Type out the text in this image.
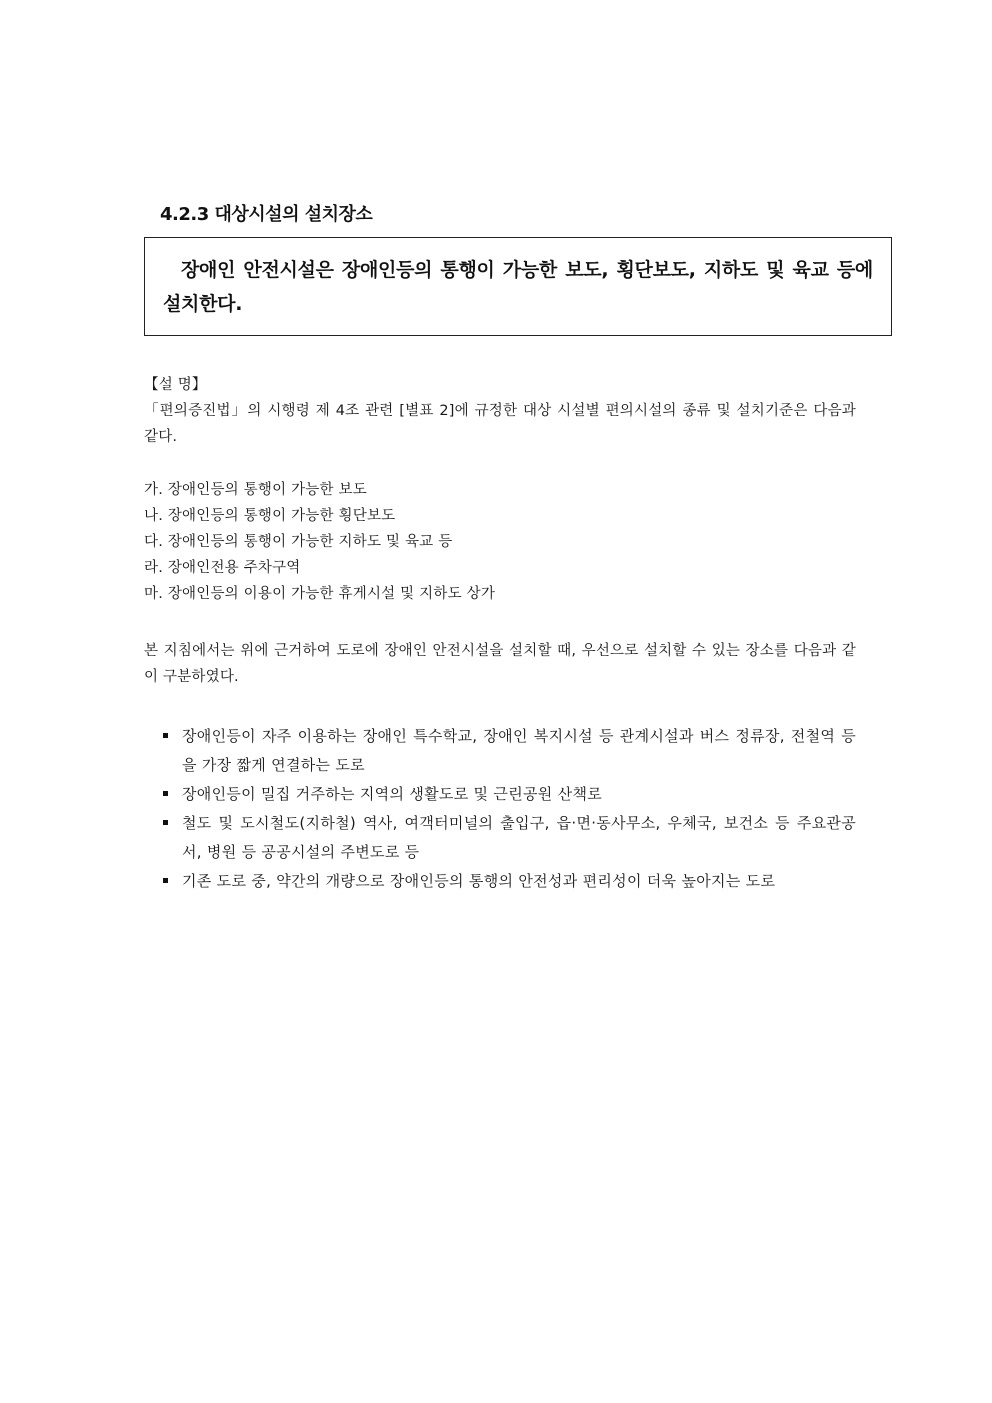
4.2.3 대상시설의 설치장소

장애인 안전시설은 장애인등의 통행이 가능한 보도, 횡단보도, 지하도 및 육교 등에 설치한다.

【설 명】

「편의증진법」의 시행령 제 4조 관련 [별표 2]에 규정한 대상 시설별 편의시설의 종류 및 설치기준은 다음과 같다.

가. 장애인등의 통행이 가능한 보도
나. 장애인등의 통행이 가능한 횡단보도
다. 장애인등의 통행이 가능한 지하도 및 육교 등
라. 장애인전용 주차구역
마. 장애인등의 이용이 가능한 휴게시설 및 지하도 상가

본 지침에서는 위에 근거하여 도로에 장애인 안전시설을 설치할 때, 우선으로 설치할 수 있는 장소를 다음과 같이 구분하였다.

장애인등이 자주 이용하는 장애인 특수학교, 장애인 복지시설 등 관계시설과 버스 정류장, 전철역 등을 가장 짧게 연결하는 도로
장애인등이 밀집 거주하는 지역의 생활도로 및 근린공원 산책로
철도 및 도시철도(지하철) 역사, 여객터미널의 출입구, 읍·면·동사무소, 우체국, 보건소 등 주요관공서, 병원 등 공공시설의 주변도로 등
기존 도로 중, 약간의 개량으로 장애인등의 통행의 안전성과 편리성이 더욱 높아지는 도로
